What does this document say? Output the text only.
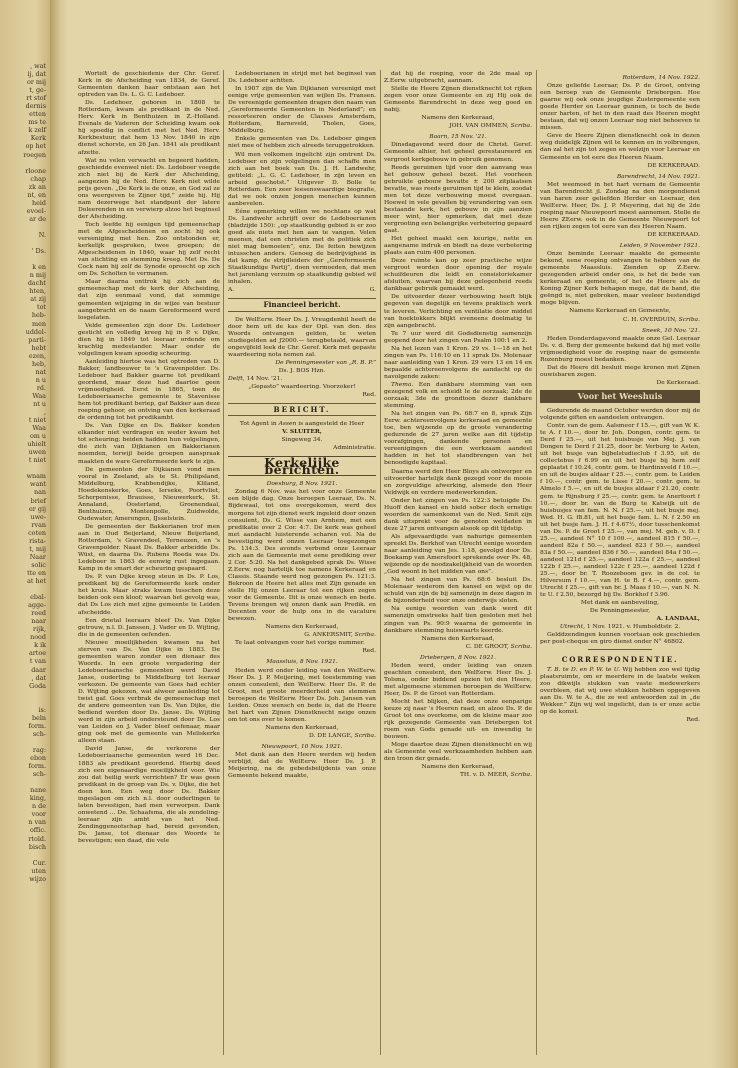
, wat
ij, dat
or mij
t, ge-
rt stof
dernis
etten
ms te
k zelf
Kerk
op het
roegen

rloone
chap
zk an
nt, en
heid
evoel-
ar de

N.

' Ds.

k en
n mij
dacht
hten,
at zij
tot
heb-
men
uddel-
partì-
hebt
ezen,
heb,
nat
n u
rd.
Waa
nt u
,
t niet
Waa
om u
uhielt
uwen
t niet

wnam
want
nan
brief
er gij
uwe-
rvan
coten
rista-
t, mij
Naar
solic
tte en
at het

ebal-
agge-
reed
naar
rijk,
nood
k ik
artoe
t van
daar
, dat
Goda

is:
beln
form.
sch-

rag:
ebon
form.
sch-

nane
king,
n de
voor
n van
offic.
rtold.
bisch

Cur.
uten
wijzo

Wortelt de geschiedenis der Chr. Geref. Kerk in de Afscheiding van 1834, de Geref. Gemeenten danken haar ontstaan aan het optreden van Ds. L. G. C. Ledeboer.

Ds. Ledeboer, geboren in 1808 te Rotterdam, kwam als predikant in de Ned. Herv. Kerk in Benthuizen in Z.-Holland. Evenals de Vaderen der Scheiding kwam ook hij spoedig in conflict met het Ned. Herv. Kerkbestuur, dat hem 13 Nov. 1840 in zijn dienst schorste, en 26 Jan. 1841 als predikant afzette.

Wat nu velen verwacht en begeerd hadden, geschiedde evenwel niet: Ds. Ledeboer voegde zich niet bij de Kerk der Afscheiding, aangezien hij de Ned. Herv. Kerk niet wilde prijs geven. „De Kerk is de onze, en God zal ze ons weergeven te Zijner tijd,” zeide hij. Hij nam dezerwege het standpunt der latere Doleerenden in en verwierp alzoo het beginsel der Afscheiding.

Toch leefde hij eenigen tijd gemeenschap met de Afgescheidenen en zocht hij ook vereeniging met hen. Zoo ontstonden er, kerkelijk gesproken, twee groepen; de Afgescheidenen in 1840, waar hij zelf recht van stichting en stemming kreeg. Met Ds. De Cock nam hij zelf de Synode oproecht op zich om Ds. Scholten te vermanen.

Maar daarna onttrok hij zich aan de gemeenschap met de kerk der Afscheiding, dat zijn eenmaal vond, dat sommige gemeenten wijziging in de wijze van bestuur aangebracht en de naam Gereformeerd werd losgelaten.

Velde gemeenten zijn door Ds. Ledeboer gesticht en volledig kreeg hij in P. v. Dijke, dien hij in 1849 tot leeraar ordende om krachtig medestander. Maar onder de volgelingen kwam spoedig scheuring.

Aanleiding hiertoe was het optreden van D. Bakker, landbouwer te 's Gravenpolder. Ds. Ledeboer had Bakker gaarne tot predikant geordend, maar deze had daartoe geen vrijmoedigheid. Eerst in 1865, toen de Ledeboeriaansche gemeente te Stavenisse hem tot predikant beriep, gaf Bakker aan deze roeping gehoor, en ontving van den kerkeraad de ordening tot het predikambt.

Ds. Van Dijke en Ds. Bakker konden elkander niet verdragen en weder kwam het tot scheuring; beiden hadden hun volgelingen, die zich van Dijkianen en Bakkerianen noemden, terwijl beide groepen aanspraak maakten de ware Gereformeerde kerk te zijn.

De gemeenten der Dijkianen vond men vooral in Zeeland, als te St. Philipsland, Middelburg, Krabbendijke, Kliland, Hoedekenskerke, Goes, Ierseke, Poortvliet, Scherpenisse, Brauisse, Nieuwerkerk, St. Annaland, Oosterland, Groenendaal, Benthuizen, Montenpolle, Zuidwolde, Oudewater, Amerongen, IJsselstein.

De gemeenten der Bakkerianen trof men aan in Oud Beijerland, Nieuw Beijerland, Rotterdam, 's Gravendeel, Terneuzen, en 's Gravenpolder. Naast Ds. Bakker arbeidde Ds. Wüst, en daarna Ds. Rubens Roeda was Ds. Ledeboer in 1863 de eenwig rust ingegaan. Kamp in de smart der scheuring gespaard.

Ds. P. van Dijke kreeg steun in Ds. P. Los, predikant bij de Gereformeerde kerk onder het kruis. Maar straks kwam tusschen deze beiden ook een kloof; waarvan het gevolg was, dat Ds Los zich met zijne gemeente te Leiden afscheidde.

Een drietal leeraars bleef Ds. Van Dijke getrouw, n.l. D. Janssen, J. Vader en D. Wijting, die in de gemeenten oefenden.

Nieuwe moeilijkheden kwamen na het sterven van Ds. Van Dijke in 1883. De gemeenten waren zonder een dienaar des Woords. In een groote vergadering der Ledeboeriaansche gemeenten werd David Janse, ouderling te Middelburg tot leeraar verkozen. De gemeente van Goes had echter D. Wijting gekozen, wat alweer aanleiding tot twist gaf. Goes verbrak de gemeenschap met de andere gemeenten van Ds. Van Dijke, die bediend werden door Ds. Janse. Ds. Wijting werd in zijn arbeid ondersteund door Ds. Los van Leiden en J. Vader bleef oefenaar, maar ging ook met de gemeente van Meliskerke alleen staan.

David Janse, de verkorene der Ledeboeriaansche gemeenten werd 16 Dec. 1883 als predikant geordend. Hierbij deed zich een eigenaardige moeilijkheid voor. Wie zou dat heilig werk verrichten? Er was geen predikant in de groep van Ds. v. Dijke, die het doen kon. Een weg door Ds. Bakker ingeslagen om zich n.l. door ouderlingen te laten bevestigen, had men verworpen. Dank onwetend ... De. Schaafsma, die als zendeling-leeraar zijn ambt van het Ned. Zendinggenootschap had, bereid gevonden, Ds. Janse, tot dienaar des Woords te bevestigen; een daad, die vele

Ledeboerianen in strijd met het beginsel van Ds. Ledeboer achtten.

In 1907 zijn de Van Dijkianen vereenigd met eenige vrije gemeenten van wijlen Ds. Fransen. De vereenigde gemeenten dragen den naam van „Gereformeerde Gemeenten in Nederland”; en ressorteeren onder de Classes Amsterdam, Rotterdam, Barneveld, Tholen, Goes, Middelburg.

Enkele gemeenten van Ds. Ledeboer gingen niet mee of hebben zich alreeds teruggetrokken.

Wil men volkomen ingelicht zijn omtrent Ds. Ledeboer en zijn volgelingen dan schaffe men zich aan het boek van Ds. J. H. Landwehr, getiteld: „L. G. C. Ledeboer, in zijn leven en arbeid geschetst.” Uitgever D. Bolle te Rotterdam. Een zeer leesenswaardige biografie, dat we ook onzen jongen menschen kunnen aanbevelen.

Ééne opmerking willen we nochtans op wat Ds. Landwehr schrijft over de Ledeboerianen (bladzijde 150): „op staatkundig gebied is er zoo goed als niets met hen aan te vangen. Velen meenen, dat een christen met de politiek zich niet mag bemoeien”, enz. De feiten bewijzen intusschen anders. Genoeg de bedrijvigheid in dat kamp, de strijdleiders der „Gereformeerde Staatkundige Partij”, doen vermoeden, dat men het jarenlang verzuim op staatkundig gebied wil inhalen.

A.	G.
Financieel bericht.

De WelEerw. Heer Ds. J. Vreugdenhil heeft de door hem uit de kas der Opl. van den. des Woords ontvangen gelden, te weten studiegelden ad ƒ2000.— terugbetaald, waarvan ongevijfeld leek de Chr. Geref. Kerk met gepaste waardeering nota nemen zal.

De Penningmeester van „R. B. P.”

Ds. J. BOS Hzn.

Delft, 14 Nov. '21.

„Gepasto” waardeering. Voorzoker!

Red.

BERICHT.

Tot Agent in Assen is aangesteld de Heer

V. SLUITER,

Singeweg 34.

Administratie.

Kerkelijke berichten.

Doesburg, 8 Nov. 1921.

Zondag 6 Nov. was het voor onze Gemeente een blijde dag. Onze beroepen Leeraar, Ds. N. Bijdewaal, tot ons overgekomen, werd des morgens tot zijn dienst werk ingeleid door onzen consulent, Ds. G. Wisse van Arnhem, met een predikatie over 2 Cor. 4:7. De kerk was geheel met aandacht luisterende scharen vol. Na de bevestiging werd onzen Leeraar toegezongen Ps. 134:3. Des avonds verbond onze Leeraar zich aan de Gemeente met eene prediking over 2 Cor. 5:20. Na het dankgebed sprak Ds. Wisse Z.Eerw. nog hartelijk toe namens Kerkeraad en Classis. Staande werd nog gezongen Ps. 121:3. Bekroon de Heere het alles met Zijn genade en stelle Hij onzen Leeraar tot een rijken zegen voor de Gemeente. Dit is onze wensch en bede. Tevens brengen wij onzen dank aan Predik. en Docenten voor de hulp ons in de vacature bewezen.

Namens den Kerkeraad,

G. ANKERSMIT, Scriba.

Te laat ontvangen voor het vorige nummer.

Red.

Maassluis, 8 Nov. 1921.

Heden werd onder leiding van den WelEerw. Heer Ds. J. P. Meijering, met toestemming van onzen consulent, den WelEerw. Heer Ds. P. de Groot, met groote meerderheid van stemmen beroepen de WelEerw. Heer Ds. Joh. Jansen van Leiden. Onze wensch en bede is, dat de Heere het hart van Zijnen Dienstknecht neige onzen om tot ons over te komen.

Namens den Kerkeraad,

D. DE LANGE, Scriba.

Nieuwpoort, 10 Nov. 1921.

Met dank aan den Heere werden wij heden verblijd, dat de WelEerw. Heer Ds. J. P. Meijering, na de gebedsbelijdenis van onze Gemeente bekend maakte,

dat hij de roeping, voor de 2de maal op Z.Eerw. uitgebracht, aannam.

Stelle de Heere Zijnen dienstknecht tot rijken zegen voor onze Gemeente en zij Hij ook de Gemeente Barendrecht in deze weg goed en nabij.

Namens den Kerkeraad,

JOH. VAN OMMEN, Scriba.

Baarn, 15 Nov. '21.

Dinsdagavond werd door de Christ. Geref. Gemeente alhier, het geheel gerestaureerd en vergroot kerkgebouw in gebruik genomen.

Reeds geruimen tijd voor den aanvang was het gebouw geheel bezet. Het voorheen gebruikte gebouw bevatte ± 200 zitplaatsen bevatte, was reeds geruimen tijd te klein, zoodat men tot deze verbouwing moest overgaan. Hoewel in vele gevallen bij verandering van een bestaande kerk, het gebouw in zijn aanzien meer wint, hier opmerken, dat met deze vergrooting een belangrijke verbetering gepaard gaat.

Het geheel maakt een keurige, nette en aangename indruk en biedt na deze verbetering plaats aan ruim 400 personen.

Deze ruimte kan op zeer practische wijze vergroot worden door opening der royale schuifdeuren die leidt en consistoriekamer afsluiten, waarvan bij deze gelegenheid reeds dankbaar gebruik gemaakt werd.

De uitvoerder dezer verbouwing heeft blijk gegeven van degelijk en tevens praktisch werk te leveren. Verlichting en ventilatie door middel van hoektokkers blijkt eveneens doelmatig te zijn aangebracht.

Te 7 uur werd dit Godsdienstig samenzijn geopend door het zingen van Psalm 100:1 en 2.

Na het lezen van 1 Kron. 29 vs. 1—18 en het zingen van Ps. 116:10 en 11 sprak Ds. Molenaar naar aanleiding van 1 Kron. 29 vers 13 en 14 en bepaalde achtereenvolgens de aandacht op de navolgende zaken:

Thema. Een dankbare stemming van een gezegend volk en scheidt le de oorzaak; 2de de oorzaak; 3de de grondtoon dezer dankbare stemming.

Na het zingen van Ps. 68:7 en 8, sprak Zijn Eerw. achtereenvolgens kerkeraad en gemeente toe, ben wijzende op de groote verandering gedurende de 27 jaren welke aan dit tijdstip voorafgingen, dankende personen en vereenigingen die een werkzaam aandeel hadden in het tot standbrengen van het benoodigde kapitaal.

Daarna werd den Heer Bloys als ontwerper en uitvoerder hartelijk dank gezegd voor de mooie en zorgvuldige afwerking, alsmede den Heer Veldwijk en verdere medewerkenden.

Onder het zingen van Ps. 122:3 betuigde Ds. Huoff den kansel en hield sober doch ernstige woorden de samenkomst van de Ned. Smit zijn dank uitsprekt voor de genoten weldaden in deze 27 jaren ontvangen alsook op dit tijdstip.

Als afgevaardigde van naburige gemeenten spreekt Ds. Berkhof van Utrecht eenige woorden naar aanleiding van Jes. 1:18, gevolgd door Ds. Boekamp van Amersfoort sprekende over Ps. 48, wijzende op de noodzakelijkheid van de woorden „God woont in het midden van ons”.

Na het zingen van Ps. 68:6 besluit Ds. Molenaar wederom den kansel en wijst op de schuld van zijn de bij samenzijn in deze dagen in de bijzonderheid voor onze onderwijs sloten.

Na eenige woorden van dank werd dit samenzijn omstreeks half tien gesloten met het zingen van Ps. 90:9 waarna de gemeente in dankbare stemming huiswaarts keerde.

Namens den Kerkeraad,

C. DE GROOT, Scriba.

Driebergen, 8 Nov. 1921.

Heden werd, onder leiding van onzen geachten consulent, den WelEerw. Heer Ds. J. Tolsma, onder biddend opzien tot den Heere, met algemeene stemmen beroepen de WelEerw. Heer, Ds. P. de Groot van Rotterdam.

Mocht het blijken, dat deze onze eenparige keuze zij naar 's Heeren raad, en alzoo Ds. P. de Groot tot ons overkome, om de kleine maar zoo rijk gezegende Gemeente van Driebergen tot roem van Gods genade uit- en inwendig te bouwen.

Moge daartoe deze Zijnen dienstknecht en wij als Gemeente veel werkzaamheden hebben aan den troon der genade.

Namens den Kerkeraad,

TH. v. D. MEER, Scriba.

Rotterdam, 14 Nov. 1922.

Onze geliefde Leeraar, Ds. P. de Groot, ontving een beroep van de Gemeente Driebergen. Hoe gaarne wij ook onze jeugdige Zustergemeente een goede Herder en Leeraar gunnen, is toch de bede onzer harten, of het in den raad des Heeren moght bestaan, dat wij onzen Leeraar nog niet behoeven te missen.

Geve de Heere Zijnen dienstknecht ook in dezen weg duidelijk Zijnen wil te kennen en in volbrengen, dan zal het zijn tot zegen en welzijn voor Leeraar en Gemeente en tot eere des Heeren Naam.

DE KERKERAAD.

Barendrecht, 14 Nov. 1921.

Met weemoed in het hart vernam de Gemeente van Barendrecht jl. Zondag na den morgendienst van haren zeer geliefden Herder en Leeraar, den WelEerw. Heer, Ds. J. P. Meyering, dat hij de 2de roeping naar Nieuwpoort moest aannemen. Stelle de Heere ZEerw. ook in de Gemeente Nieuwpoort tot een rijken zegen tot eere van des Heeren Naam.

DE KERKERAAD.

Leiden, 9 November 1921.

Onze beminde Leeraar maakte de gemeente bekend, eene roeping ontvangen te hebben van de gemeente Maassluis. Zienden op Z.Eerw. gezegenden arbeid onder ons, is het de bede van kerkeraad en gemeente, of het de Heere als de Koning Zijner Kerk behagen mege, dat de band, die geëngd is, niet gebroken, maar veeleer bestendigd moge blijven.

Namens Kerkeraad en Gemeente,

C. H. OVERDUIN, Scriba.

Sneek, 10 Nov. '21.

Heden Donderdagavond maakte onze Gel. Leeraar Ds. v. d. Berg der gemeente bekend dat hij met volle vrijmoedigheid voor de roeping naar de gemeente Rozenburg moest bedanken.

Dat de Heere dit besluit mege kronen met Zijnen ouwisbaren zegen.

De Kerkeraad.

Voor het Weeshuis

Gedurende de maand October werden door mij de volgende giften en aandeelen ontvangen.

Contr. van de gem. Aalsmeer f 15.—, gift van W. K. te A. f 10.—, door br. Joh. Dongen, contr. gem. te Derd f 25.—, uit het huisbusje van Mej. J. van Dongen te Derd f 21.25, door br. Verburg te Asten, uit het busje van bijbelstudieclub f 3.95, uit de collectebus f 6.99 en uit het busje bij hem zelf geplaatst f 10.24, contr. gem. te Hardinxveld f 10.—, en uit de busjes aldaar f 25.—, contr. gem. te Leiden f 10.—, contr. gem. te Lisse f 20.—, contr. gem. te Almelo f 5.—, en uit de busjes aldaar f 21.20, contr. gem. te Rijnsburg f 25.—, contr. gem. te Anerfoort f 10.—, door br. van de Burg te Katwijk uit de huisbusjes van fam. N. N. f 25.—, uit het busje mej. Wed. H. G. f8.81, uit het busje fam. L. N. f 2.50 en uit het busje fam. J. H. f 4.67½, door tusschenkomst van Ds. P. de Groot f 25.—, van mej. M. geb. v. D. f 25.—, aandeel N° 10 f 100.—, aandeel 815 f 50.—, aandeel 82a f 50.—, aandeel 823 f 50.—, aandeel 83a f 50.—, aandeel 836 f 50.—, aandeel 84a f 50.—, aandeel 121d f 25.—, aandeel 122a f 25.—, aandeel 122b f 25.—, aandeel 122c f 25.—, aandeel 122d f 25.—, door br. T. Roozeboom gev. in de col. te Hilversum f 10.—, van H. te B. f 4.—, contr. gem. Utrecht f 25.—, gift van br. J. Maas f 10.—, van N. N. te U. f 2.50, bezorgd bij Ds. Borkhof f 3.96.

Met dank en aanbeveling,

De Penningmeester,

A. LANDAAL,

Utrecht, 1 Nov. 1921. v. Humboldtstr. 2.

Gelddzendingen kunnen voortaan ook geschieden per post-cheque en giro dienst onder N° 46802.

CORRESPONDENTIE.

T. B. te D. en P. W. te U. Wij hebben zoo wel tijdig plaatsruimte, om er meerdere in de laatste weken zoo dikwijls stukken van vaste medewerkers overbleen, dat wij uwe stukken hebben opgegeven aan Ds. W. te A., die ze wel antwoorden zal in „de Wekker.” Zijn wij wel ingelicht, dan is er onze actie op de komst.

Red.
